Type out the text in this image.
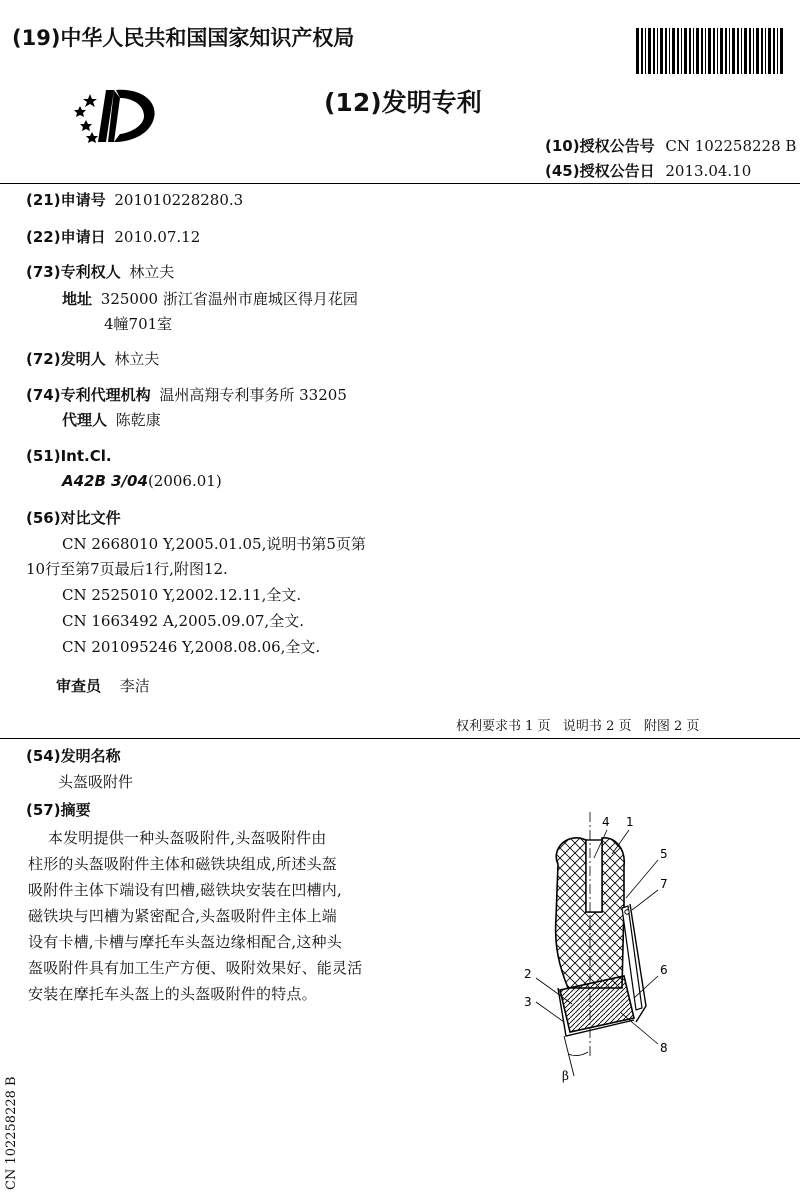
(19)中华人民共和国国家知识产权局
(12)发明专利
(10)授权公告号 CN 102258228 B
(45)授权公告日 2013.04.10
(21)申请号 201010228280.3
(22)申请日 2010.07.12
(73)专利权人 林立夫
地址 325000 浙江省温州市鹿城区得月花园
4幢701室
(72)发明人 林立夫
(74)专利代理机构 温州高翔专利事务所 33205
代理人 陈乾康
(51)Int.Cl.
A42B 3/04(2006.01)
(56)对比文件
CN 2668010 Y,2005.01.05,说明书第5页第
10行至第7页最后1行,附图12.
CN 2525010 Y,2002.12.11,全文.
CN 1663492 A,2005.09.07,全文.
CN 201095246 Y,2008.08.06,全文.
审查员 李洁
权利要求书 1 页   说明书 2 页   附图 2 页
(54)发明名称
头盔吸附件
(57)摘要
本发明提供一种头盔吸附件,头盔吸附件由
柱形的头盔吸附件主体和磁铁块组成,所述头盔
吸附件主体下端设有凹槽,磁铁块安装在凹槽内,
磁铁块与凹槽为紧密配合,头盔吸附件主体上端
设有卡槽,卡槽与摩托车头盔边缘相配合,这种头
盔吸附件具有加工生产方便、吸附效果好、能灵活
安装在摩托车头盔上的头盔吸附件的特点。
4 1
5
7
6
2
3
8
β
CN 102258228 B
